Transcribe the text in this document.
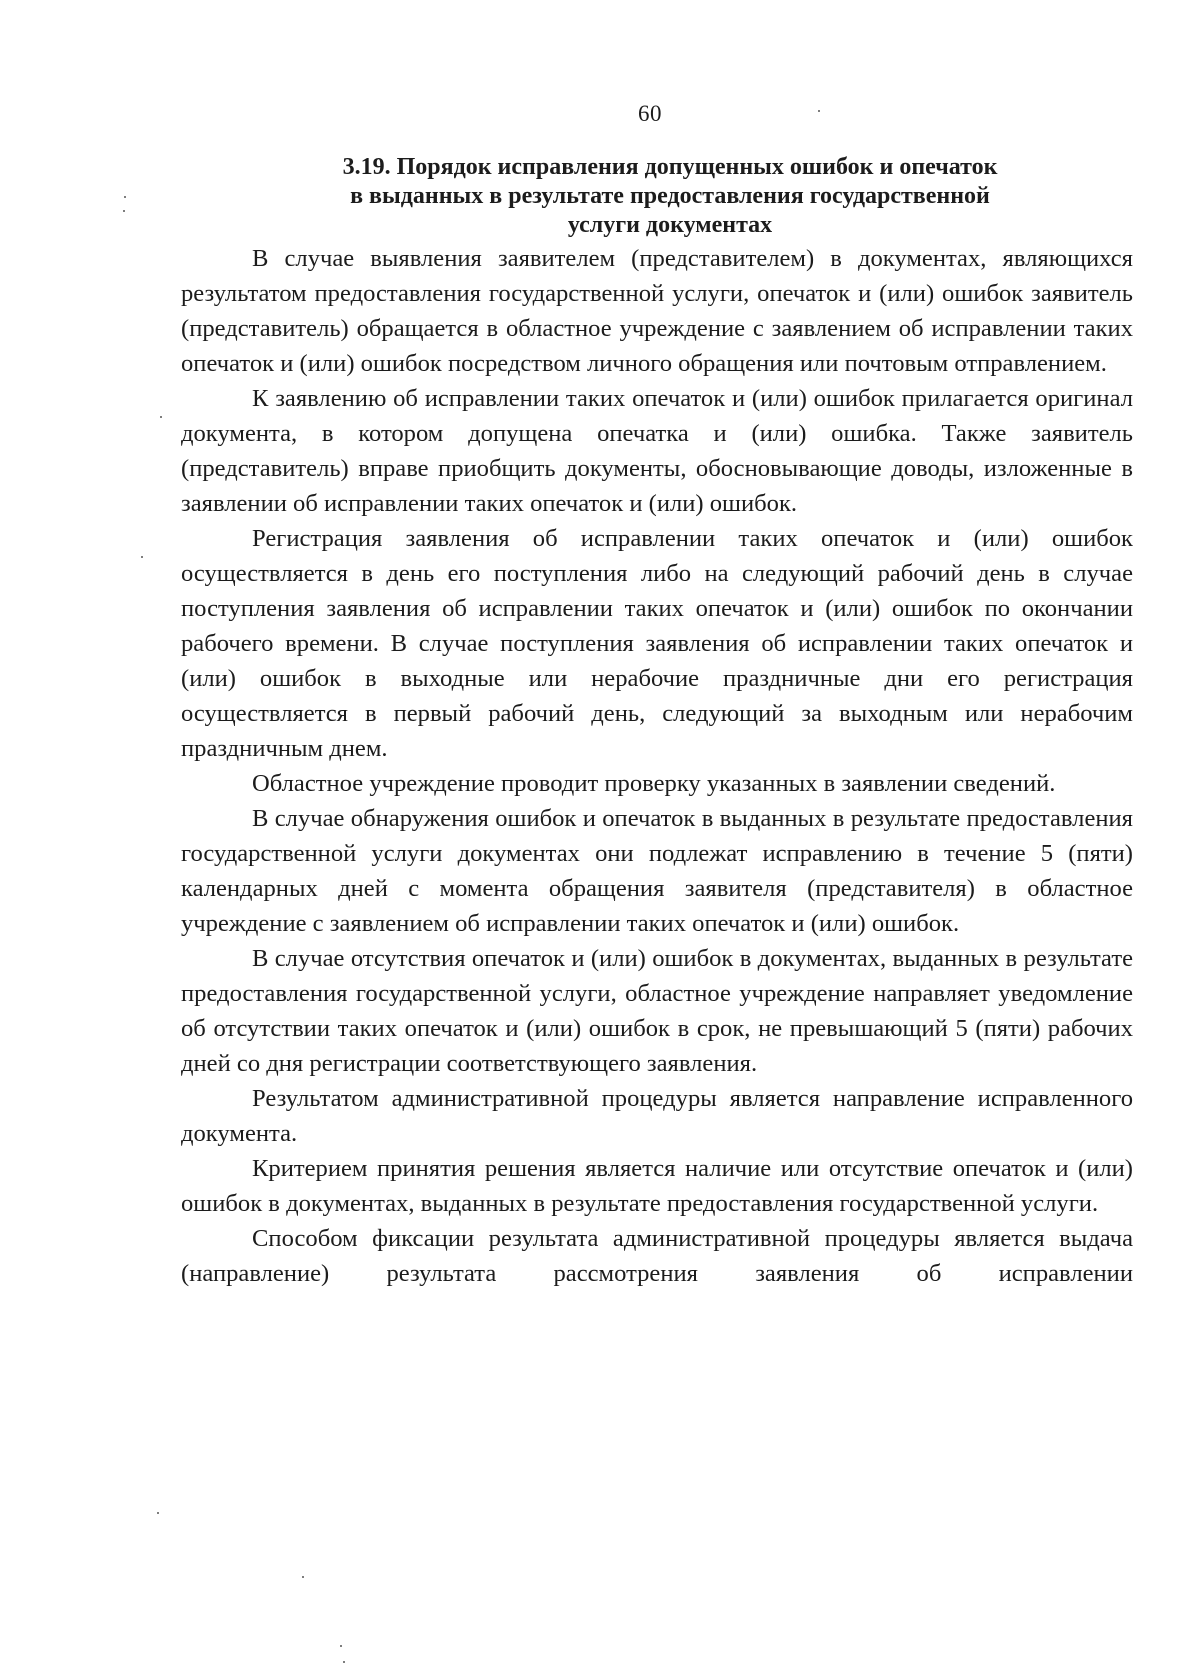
60
3.19. Порядок исправления допущенных ошибок и опечаток
в выданных в результате предоставления государственной
услуги документах

В случае выявления заявителем (представителем) в документах, являющихся результатом предоставления государственной услуги, опечаток и (или) ошибок заявитель (представитель) обращается в областное учреждение с заявлением об исправлении таких опечаток и (или) ошибок посредством личного обращения или почтовым отправлением.

К заявлению об исправлении таких опечаток и (или) ошибок прилагается оригинал документа, в котором допущена опечатка и (или) ошибка. Также заявитель (представитель) вправе приобщить документы, обосновывающие доводы, изложенные в заявлении об исправлении таких опечаток и (или) ошибок.

Регистрация заявления об исправлении таких опечаток и (или) ошибок осуществляется в день его поступления либо на следующий рабочий день в случае поступления заявления об исправлении таких опечаток и (или) ошибок по окончании рабочего времени. В случае поступления заявления об исправлении таких опечаток и (или) ошибок в выходные или нерабочие праздничные дни его регистрация осуществляется в первый рабочий день, следующий за выходным или нерабочим праздничным днем.

Областное учреждение проводит проверку указанных в заявлении сведений.

В случае обнаружения ошибок и опечаток в выданных в результате предоставления государственной услуги документах они подлежат исправлению в течение 5 (пяти) календарных дней с момента обращения заявителя (представителя) в областное учреждение с заявлением об исправлении таких опечаток и (или) ошибок.

В случае отсутствия опечаток и (или) ошибок в документах, выданных в результате предоставления государственной услуги, областное учреждение направляет уведомление об отсутствии таких опечаток и (или) ошибок в срок, не превышающий 5 (пяти) рабочих дней со дня регистрации соответствующего заявления.

Результатом административной процедуры является направление исправленного документа.

Критерием принятия решения является наличие или отсутствие опечаток и (или) ошибок в документах, выданных в результате предоставления государственной услуги.

Способом фиксации результата административной процедуры является выдача (направление) результата рассмотрения заявления об исправлении
